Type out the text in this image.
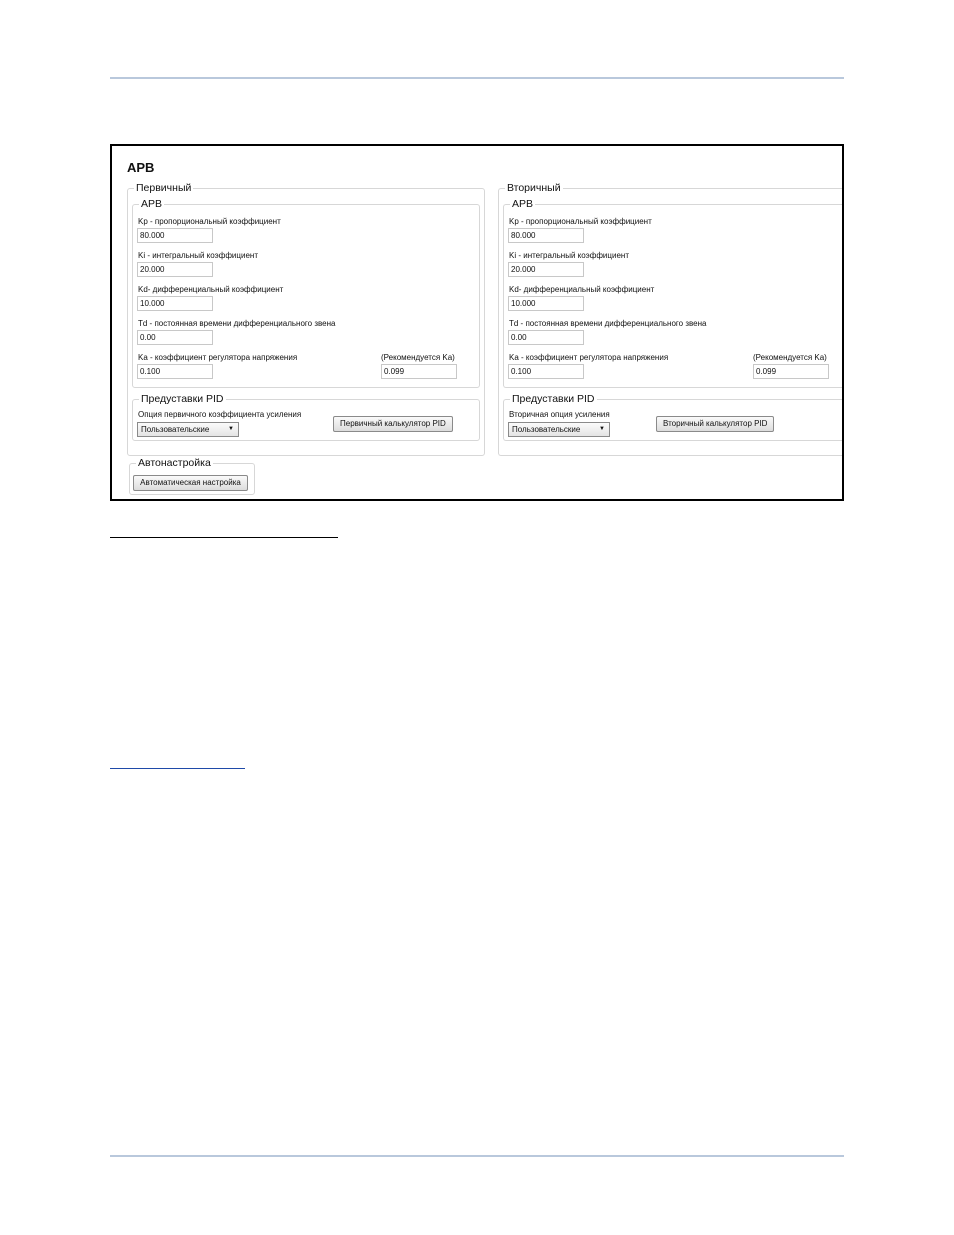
АРВ
Первичный
АРВ
Kp - пропорциональный коэффициент
80.000
Ki - интегральный коэффициент
20.000
Kd- дифференциальный коэффициент
10.000
Td - постоянная времени дифференциального звена
0.00
Ka - коэффициент регулятора напряжения
0.100
(Рекомендуется Ka)
0.099
Предуставки PID
Опция первичного коэффициента усиления
Пользовательские	▼
Первичный калькулятор PID
Вторичный
АРВ
Kp - пропорциональный коэффициент
80.000
Ki - интегральный коэффициент
20.000
Kd- дифференциальный коэффициент
10.000
Td - постоянная времени дифференциального звена
0.00
Ka - коэффициент регулятора напряжения
0.100
(Рекомендуется Ka)
0.099
Предуставки PID
Вторичная опция усиления
Пользовательские	▼
Вторичный калькулятор PID
Автонастройка
Автоматическая настройка
